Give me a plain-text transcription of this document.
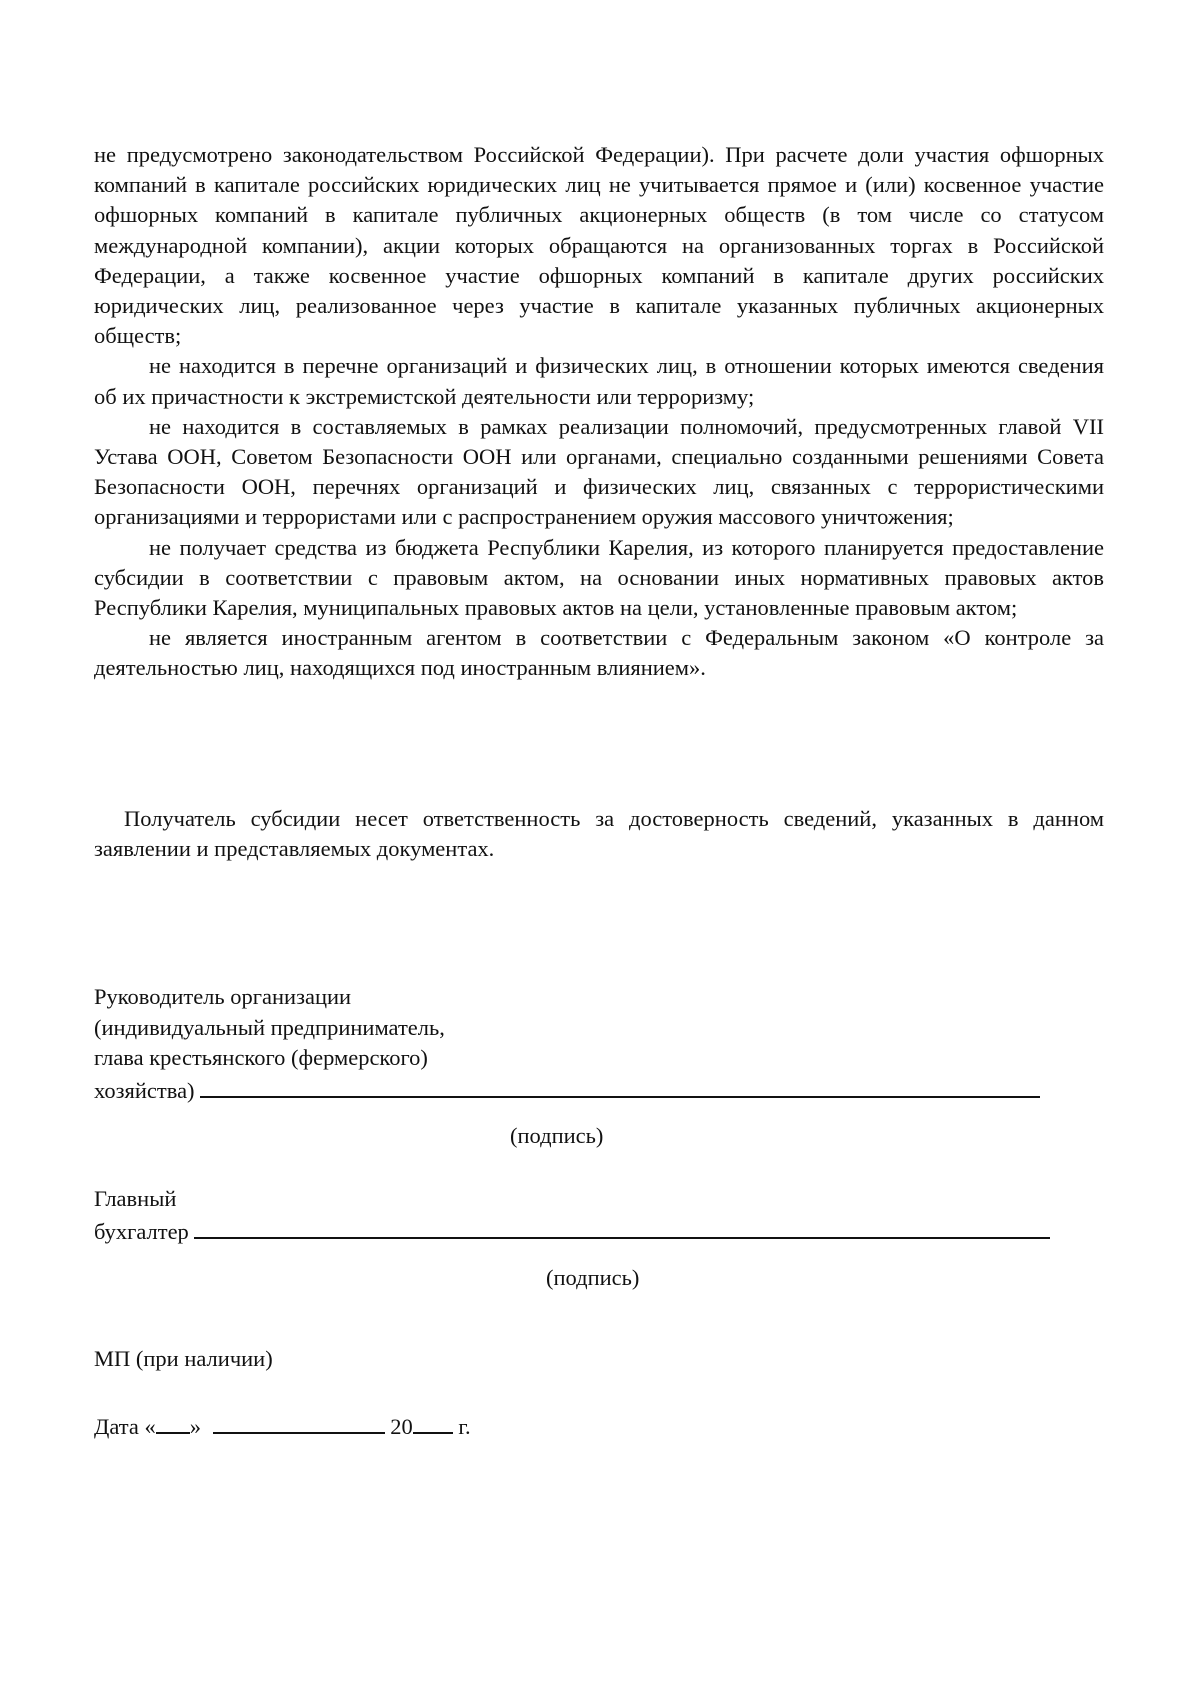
не предусмотрено законодательством Российской Федерации). При расчете доли участия офшорных компаний в капитале российских юридических лиц не учитывается прямое и (или) косвенное участие офшорных компаний в капитале публичных акционерных обществ (в том числе со статусом международной компании), акции которых обращаются на организованных торгах в Российской Федерации, а также косвенное участие офшорных компаний в капитале других российских юридических лиц, реализованное через участие в капитале указанных публичных акционерных обществ;

не находится в перечне организаций и физических лиц, в отношении которых имеются сведения об их причастности к экстремистской деятельности или терроризму;

не находится в составляемых в рамках реализации полномочий, предусмотренных главой VII Устава ООН, Советом Безопасности ООН или органами, специально созданными решениями Совета Безопасности ООН, перечнях организаций и физических лиц, связанных с террористическими организациями и террористами или с распространением оружия массового уничтожения;

не получает средства из бюджета Республики Карелия, из которого планируется предоставление субсидии в соответствии с правовым актом, на основании иных нормативных правовых актов Республики Карелия, муниципальных правовых актов на цели, установленные правовым актом;

не является иностранным агентом в соответствии с Федеральным законом «О контроле за деятельностью лиц, находящихся под иностранным влиянием».

Получатель субсидии несет ответственность за достоверность сведений, указанных в данном заявлении и представляемых документах.

Руководитель организации
(индивидуальный предприниматель,
глава крестьянского (фермерского)
хозяйства)
(подпись)
Главный
бухгалтер
(подпись)
МП (при наличии)
Дата « »	20 г.
